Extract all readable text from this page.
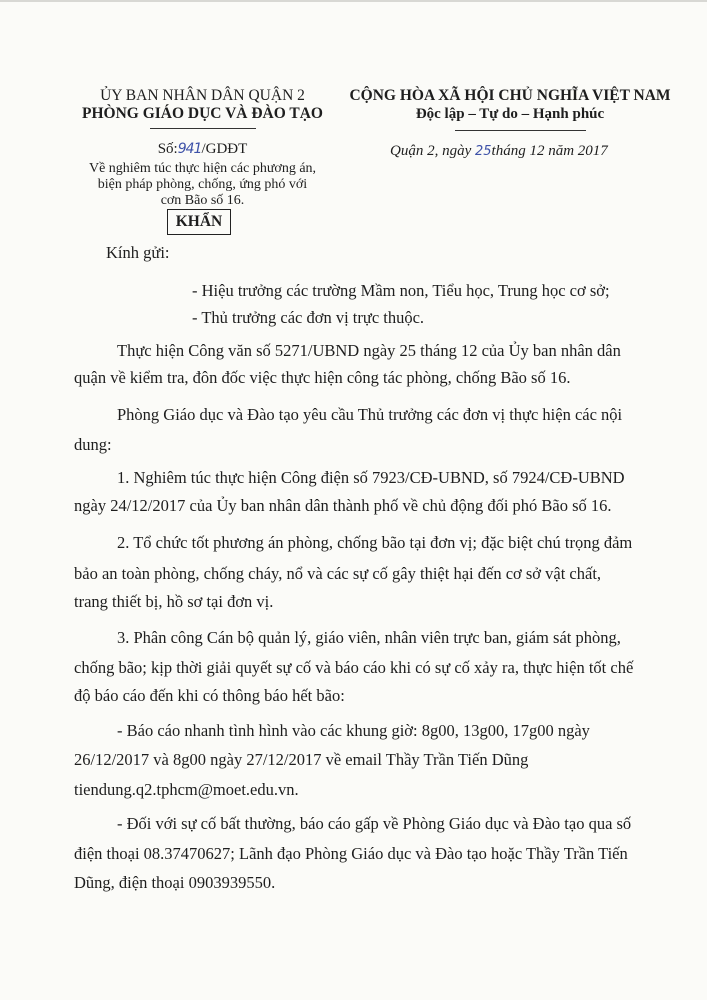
ỦY BAN NHÂN DÂN QUẬN 2
PHÒNG GIÁO DỤC VÀ ĐÀO TẠO
CỘNG HÒA XÃ HỘI CHỦ NGHĨA VIỆT NAM
Độc lập – Tự do – Hạnh phúc
Số:941/GDĐT	Quận 2, ngày 25tháng 12 năm 2017
Về nghiêm túc thực hiện các phương án,
biện pháp phòng, chống, ứng phó với
cơn Bão số 16.
KHẨN
Kính gửi:
- Hiệu trưởng các trường Mầm non, Tiểu học, Trung học cơ sở;
- Thủ trưởng các đơn vị trực thuộc.
Thực hiện Công văn số 5271/UBND ngày 25 tháng 12 của Ủy ban nhân dân
quận về kiểm tra, đôn đốc việc thực hiện công tác phòng, chống Bão số 16.
Phòng Giáo dục và Đào tạo yêu cầu Thủ trưởng các đơn vị thực hiện các nội
dung:
1. Nghiêm túc thực hiện Công điện số 7923/CĐ-UBND, số 7924/CĐ-UBND
ngày 24/12/2017 của Ủy ban nhân dân thành phố về chủ động đối phó Bão số 16.
2. Tổ chức tốt phương án phòng, chống bão tại đơn vị; đặc biệt chú trọng đảm
bảo an toàn phòng, chống cháy, nổ và các sự cố gây thiệt hại đến cơ sở vật chất,
trang thiết bị, hồ sơ tại đơn vị.
3. Phân công Cán bộ quản lý, giáo viên, nhân viên trực ban, giám sát phòng,
chống bão; kịp thời giải quyết sự cố và báo cáo khi có sự cố xảy ra, thực hiện tốt chế
độ báo cáo đến khi có thông báo hết bão:
- Báo cáo nhanh tình hình vào các khung giờ: 8g00, 13g00, 17g00 ngày
26/12/2017 và 8g00 ngày 27/12/2017 về email Thầy Trần Tiến Dũng
tiendung.q2.tphcm@moet.edu.vn.
- Đối với sự cố bất thường, báo cáo gấp về Phòng Giáo dục và Đào tạo qua số
điện thoại 08.37470627; Lãnh đạo Phòng Giáo dục và Đào tạo hoặc Thầy Trần Tiến
Dũng, điện thoại 0903939550.
